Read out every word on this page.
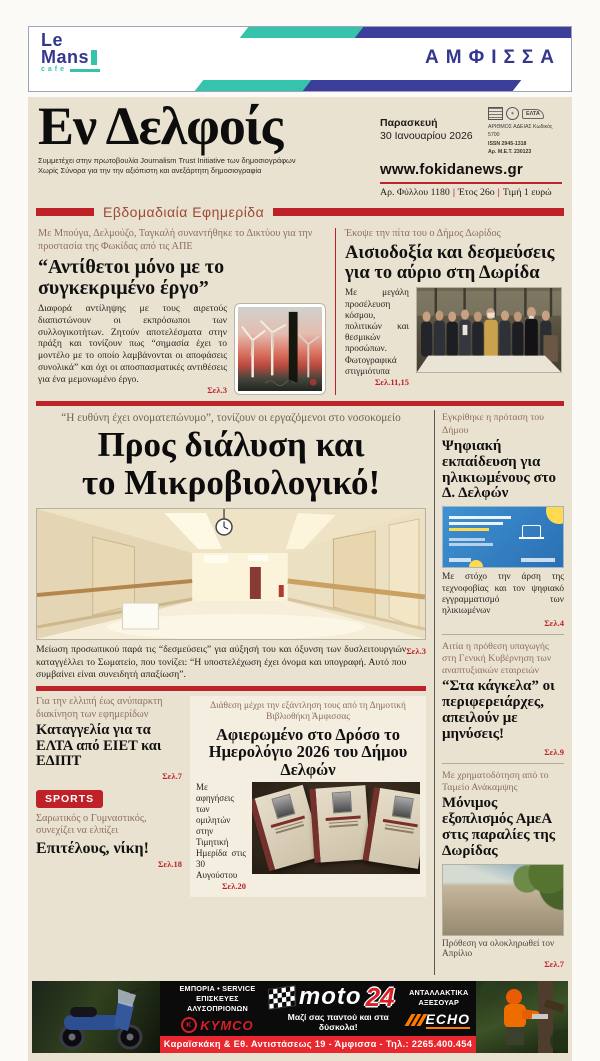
Le
Mans
cafe
ΑΜΦΙΣΣΑ
Εν Δελφοίς
Συμμετέχει στην πρωτοβουλία Journalism Trust Initiative των δημοσιογράφων
Χωρίς Σύνορα για την την αξιόπιστη και ανεξάρτητη δημοσιογραφία
Παρασκευή
30 Ιανουαρίου 2026
✶	ΕΛΤΑ
ΑΡΙΘΜΟΣ ΑΔΕΙΑΣ Κωδικός 5700
ISSN 2945-1318
Αρ. Μ.Ε.Τ. 230123
www.fokidanews.gr
Αρ. Φύλλου 1180 | Έτος 26ο | Τιμή 1 ευρώ
Εβδομαδιαία Εφημερίδα
Με Μπούγα, Δελμούζο, Ταγκαλή συναντήθηκε το Δικτύου για την προστασία της Φωκίδας από τις ΑΠΕ
“Αντίθετοι μόνο με το συγκεκριμένο έργο”
Διαφορά αντίληψης με τους αιρετούς διαπιστώνουν οι εκπρόσωποι των συλλογικοτήτων. Ζητούν αποτελέσματα στην πράξη και τονίζουν πως “σημασία έχει το μοντέλο με το οποίο λαμβάνονται οι αποφάσεις συνολικά” και όχι οι αποσπασματικές αντιθέσεις για ένα μεμονωμένο έργο.
Σελ.3
Έκοψε την πίτα του ο Δήμος Δωρίδος
Αισιοδοξία και δεσμεύσεις για το αύριο στη Δωρίδα
Με μεγάλη προσέλευση κόσμου, πολιτικών και θεσμικών προσώπων. Φωτογραφικά στιγμιότυπα
Σελ.11,15
“Η ευθύνη έχει ονοματεπώνυμο”, τονίζουν οι εργαζόμενοι στο νοσοκομείο
Προς διάλυση και
το Μικροβιολογικό!
Σελ.3
Μείωση προσωπικού παρά τις “δεσμεύσεις” για αύξησή του και όξυνση των δυσλειτουργιών καταγγέλλει το Σωματείο, που τονίζει: “Η υποστελέχωση έχει όνομα και υπογραφή. Αυτό που συμβαίνει είναι συνειδητή απαξίωση”.
Για την ελλιπή έως ανύπαρκτη διακίνηση των εφημερίδων
Καταγγελία για τα ΕΛΤΑ από ΕΙΕΤ και ΕΔΙΠΤ
Σελ.7
SPORTS
Σαρωτικός ο Γυμναστικός, συνεχίζει να ελπίζει
Επιτέλους, νίκη!
Σελ.18
Διάθεση μέχρι την εξάντληση τους από τη Δημοτική Βιβλιοθήκη Άμφισσας
Αφιερωμένο στο Δρόσο το Ημερολόγιο 2026 του Δήμου Δελφών
Με αφηγήσεις των ομιλητών στην Τιμητική Ημερίδα στις 30 Αυγούστου
Σελ.20
Εγκρίθηκε η πρόταση του Δήμου
Ψηφιακή εκπαίδευση για ηλικιωμένους στο Δ. Δελφών
Με στόχο την άρση της τεχνοφοβίας και τον ψηφιακό εγγραμματισμό των ηλικιωμένων
Σελ.4
Αιτία η πρόθεση υπαγωγής στη Γενική Κυβέρνηση των αναπτυξιακών εταιρειών
“Στα κάγκελα” οι περιφερειάρχες, απειλούν με μηνύσεις!
Σελ.9
Με χρηματοδότηση από το Ταμείο Ανάκαμψης
Μόνιμος εξοπλισμός ΑμεΑ στις παραλίες της Δωρίδας
Πρόθεση να ολοκληρωθεί τον Απρίλιο
Σελ.7
ΕΜΠΟΡΙΑ • SERVICE
ΕΠΙΣΚΕΥΕΣ ΑΛΥΣΟΠΡΙΟΝΩΝ
K KYMCO
moto 24
Μαζί σας παντού και στα δύσκολα!
ΑΝΤΑΛΛΑΚΤΙΚΑ
ΑΞΕΣΟΥΑΡ
ECHO
Καραϊσκάκη & Εθ. Αντιστάσεως 19 - Άμφισσα - Τηλ.: 2265.400.454
